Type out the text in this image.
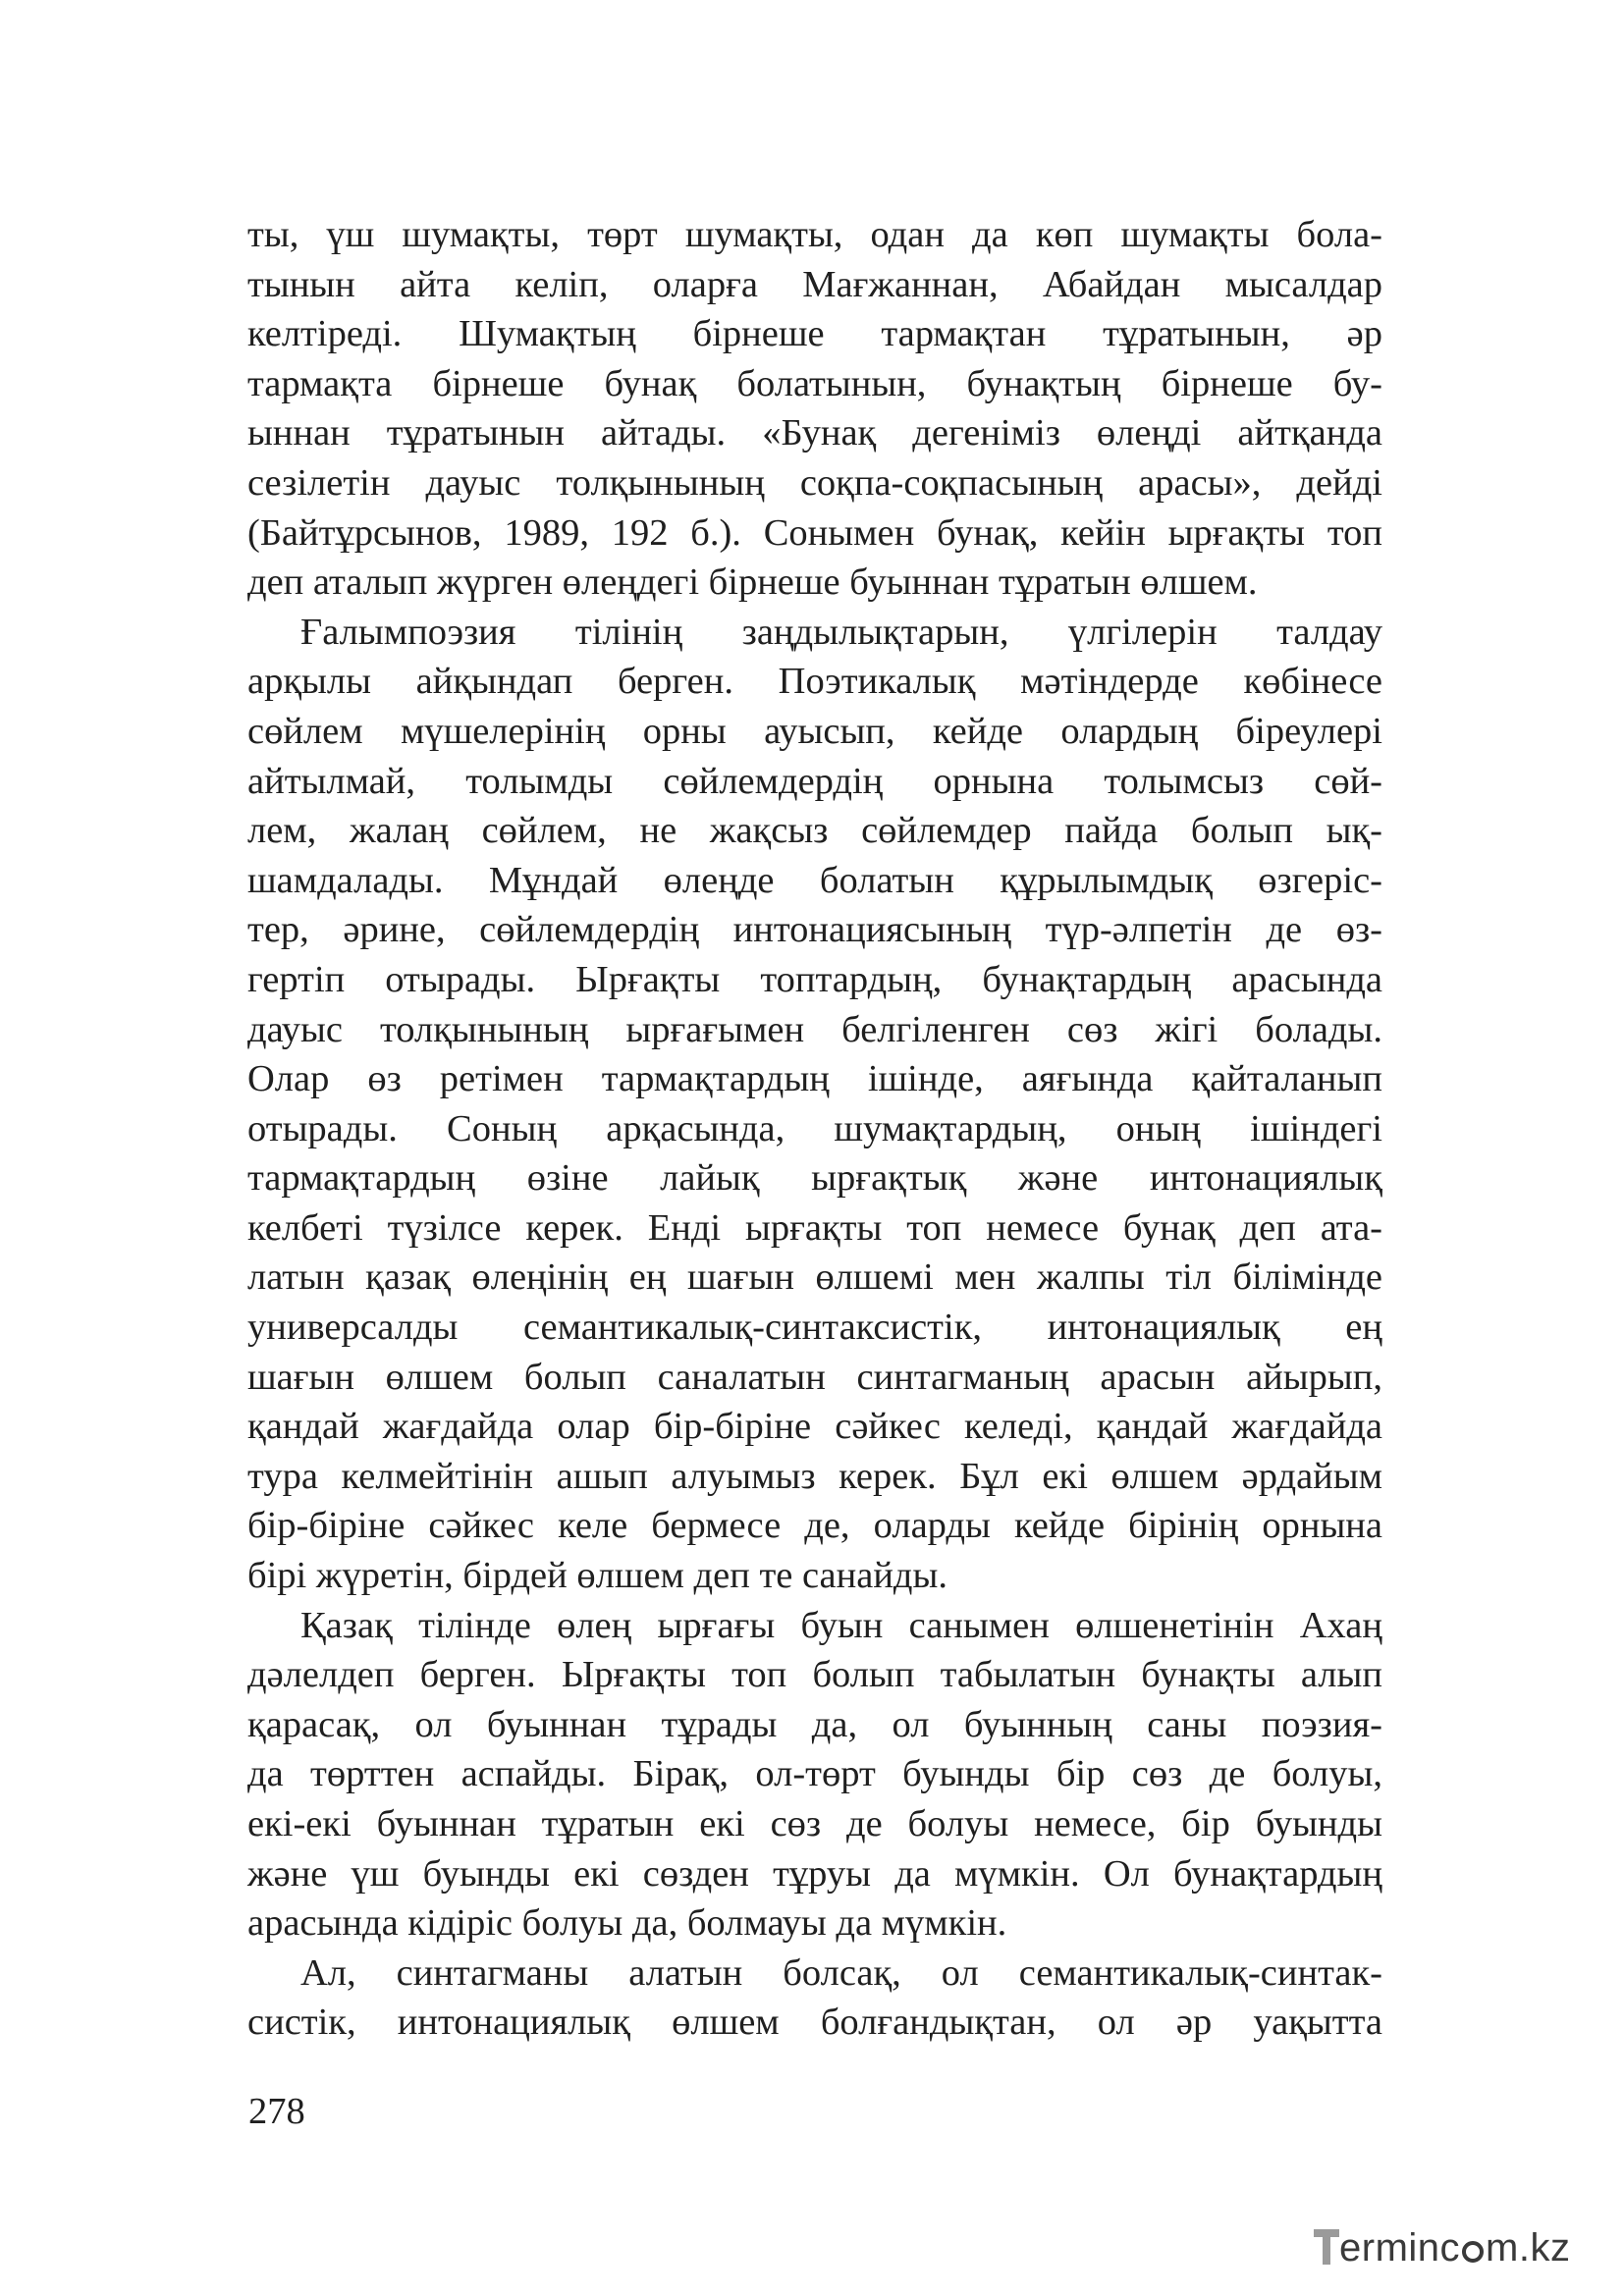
ты, үш шумақты, төрт шумақты, одан да көп шумақты бола-
тынын айта келіп, оларға Мағжаннан, Абайдан мысалдар
келтіреді. Шумақтың бірнеше тармақтан тұратынын, әр
тармақта бірнеше бунақ болатынын, бунақтың бірнеше бу-
ыннан тұратынын айтады. «Бунақ дегеніміз өлеңді айтқанда
сезілетін дауыс толқынының соқпа-соқпасының арасы», дейді
(Байтұрсынов, 1989, 192 б.). Сонымен бунақ, кейін ырғақты топ
деп аталып жүрген өлеңдегі бірнеше буыннан тұратын өлшем.

Ғалымпоэзия тілінің заңдылықтарын, үлгілерін талдау
арқылы айқындап берген. Поэтикалық мәтіндерде көбінесе
сөйлем мүшелерінің орны ауысып, кейде олардың біреулері
айтылмай, толымды сөйлемдердің орнына толымсыз сөй-
лем, жалаң сөйлем, не жақсыз сөйлемдер пайда болып ық-
шамдалады. Мұндай өлеңде болатын құрылымдық өзгеріс-
тер, әрине, сөйлемдердің интонациясының түр-әлпетін де өз-
гертіп отырады. Ырғақты топтардың, бунақтардың арасында
дауыс толқынының ырғағымен белгіленген сөз жігі болады.
Олар өз ретімен тармақтардың ішінде, аяғында қайталанып
отырады. Соның арқасында, шумақтардың, оның ішіндегі
тармақтардың өзіне лайық ырғақтық және интонациялық
келбеті түзілсе керек. Енді ырғақты топ немесе бунақ деп ата-
латын қазақ өлеңінің ең шағын өлшемі мен жалпы тіл білімінде
универсалды семантикалық-синтаксистік, интонациялық ең
шағын өлшем болып саналатын синтагманың арасын айырып,
қандай жағдайда олар бір-біріне сәйкес келеді, қандай жағдайда
тура келмейтінін ашып алуымыз керек. Бұл екі өлшем әрдайым
бір-біріне сәйкес келе бермесе де, оларды кейде бірінің орнына
бірі жүретін, бірдей өлшем деп те санайды.

Қазақ тілінде өлең ырғағы буын санымен өлшенетінін Ахаң
дәлелдеп берген. Ырғақты топ болып табылатын бунақты алып
қарасақ, ол буыннан тұрады да, ол буынның саны поэзия-
да төрттен аспайды. Бірақ, ол-төрт буынды бір сөз де болуы,
екі-екі буыннан тұратын екі сөз де болуы немесе, бір буынды
және үш буынды екі сөзден тұруы да мүмкін. Ол бунақтардың
арасында кідіріс болуы да, болмауы да мүмкін.

Ал, синтагманы алатын болсақ, ол семантикалық-синтак-
систік, интонациялық өлшем болғандықтан, ол әр уақытта

278
erminc m.kz
